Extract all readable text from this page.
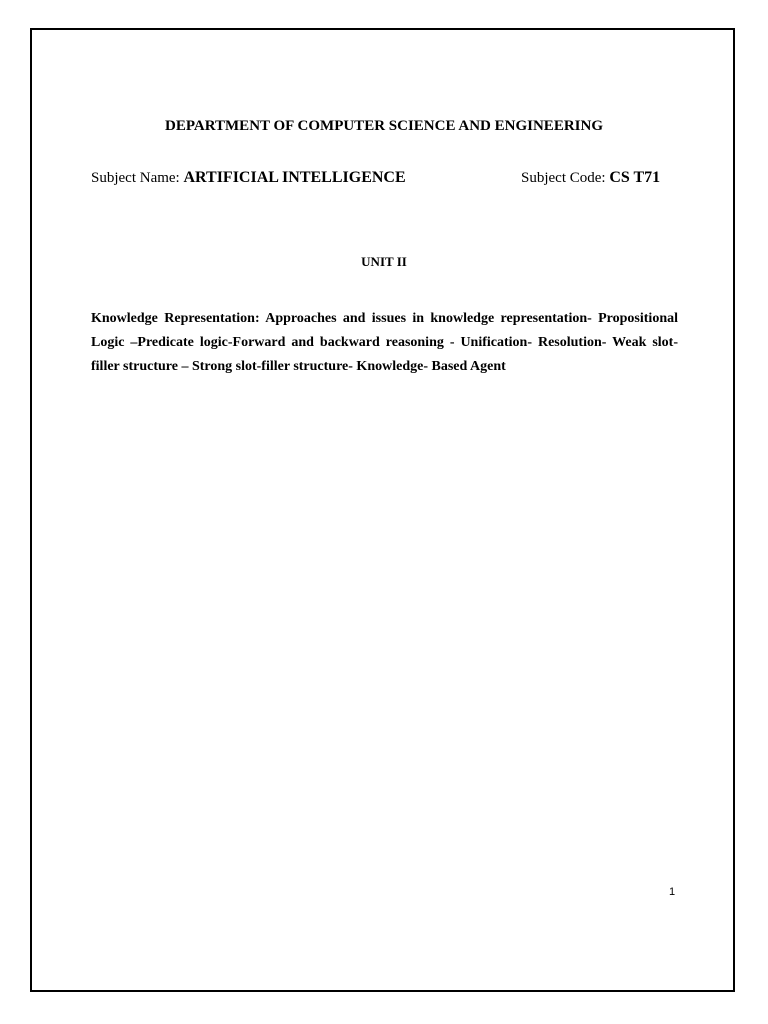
DEPARTMENT OF COMPUTER SCIENCE AND ENGINEERING
Subject Name: ARTIFICIAL INTELLIGENCE	Subject Code: CS T71
UNIT II

Knowledge Representation: Approaches and issues in knowledge representation- Propositional Logic –Predicate logic-Forward and backward reasoning - Unification- Resolution- Weak slot-filler structure – Strong slot-filler structure- Knowledge- Based Agent

1
